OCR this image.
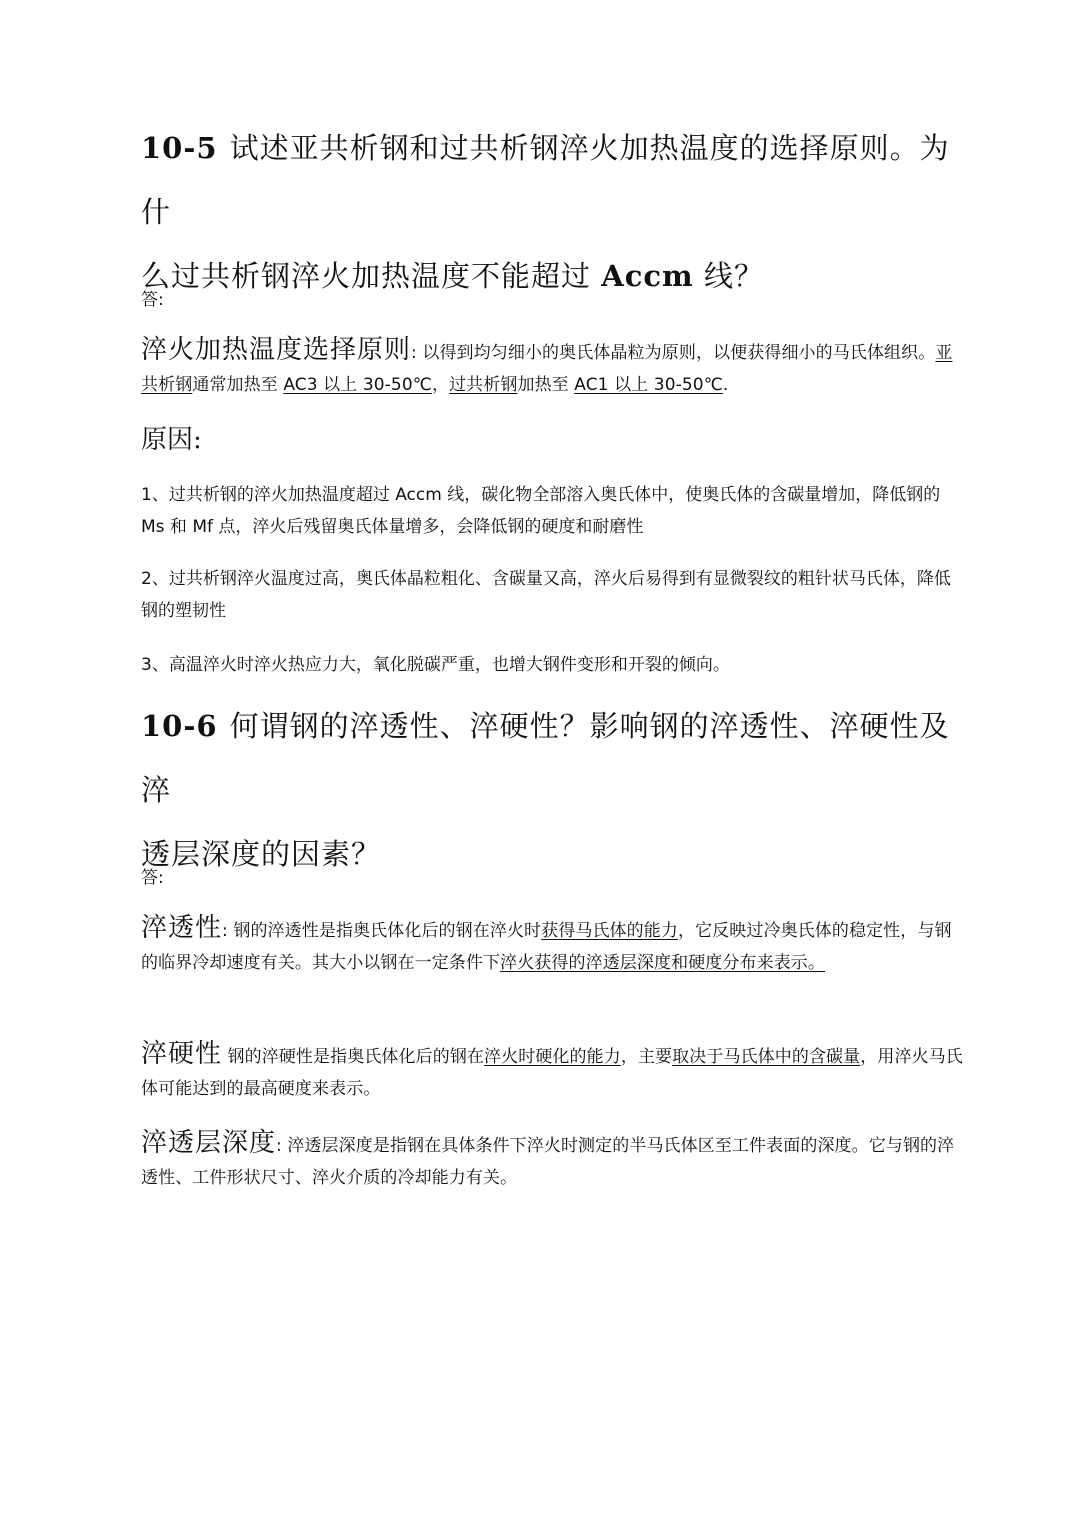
10-5 试述亚共析钢和过共析钢淬火加热温度的选择原则。为什
么过共析钢淬火加热温度不能超过 Accm 线？
答:
淬火加热温度选择原则: 以得到均匀细小的奥氏体晶粒为原则，以便获得细小的马氏体组织。亚共析钢通常加热至 AC3 以上 30-50℃，过共析钢加热至 AC1 以上 30-50℃.
原因:
1、过共析钢的淬火加热温度超过 Accm 线，碳化物全部溶入奥氏体中，使奥氏体的含碳量增加，降低钢的 Ms 和 Mf 点，淬火后残留奥氏体量增多，会降低钢的硬度和耐磨性
2、过共析钢淬火温度过高，奥氏体晶粒粗化、含碳量又高，淬火后易得到有显微裂纹的粗针状马氏体，降低钢的塑韧性
3、高温淬火时淬火热应力大，氧化脱碳严重，也增大钢件变形和开裂的倾向。
10-6 何谓钢的淬透性、淬硬性？影响钢的淬透性、淬硬性及淬
透层深度的因素？
答:
淬透性: 钢的淬透性是指奥氏体化后的钢在淬火时获得马氏体的能力，它反映过冷奥氏体的稳定性，与钢的临界冷却速度有关。其大小以钢在一定条件下淬火获得的淬透层深度和硬度分布来表示。
淬硬性 钢的淬硬性是指奥氏体化后的钢在淬火时硬化的能力，主要取决于马氏体中的含碳量，用淬火马氏体可能达到的最高硬度来表示。
淬透层深度: 淬透层深度是指钢在具体条件下淬火时测定的半马氏体区至工件表面的深度。它与钢的淬透性、工件形状尺寸、淬火介质的冷却能力有关。
